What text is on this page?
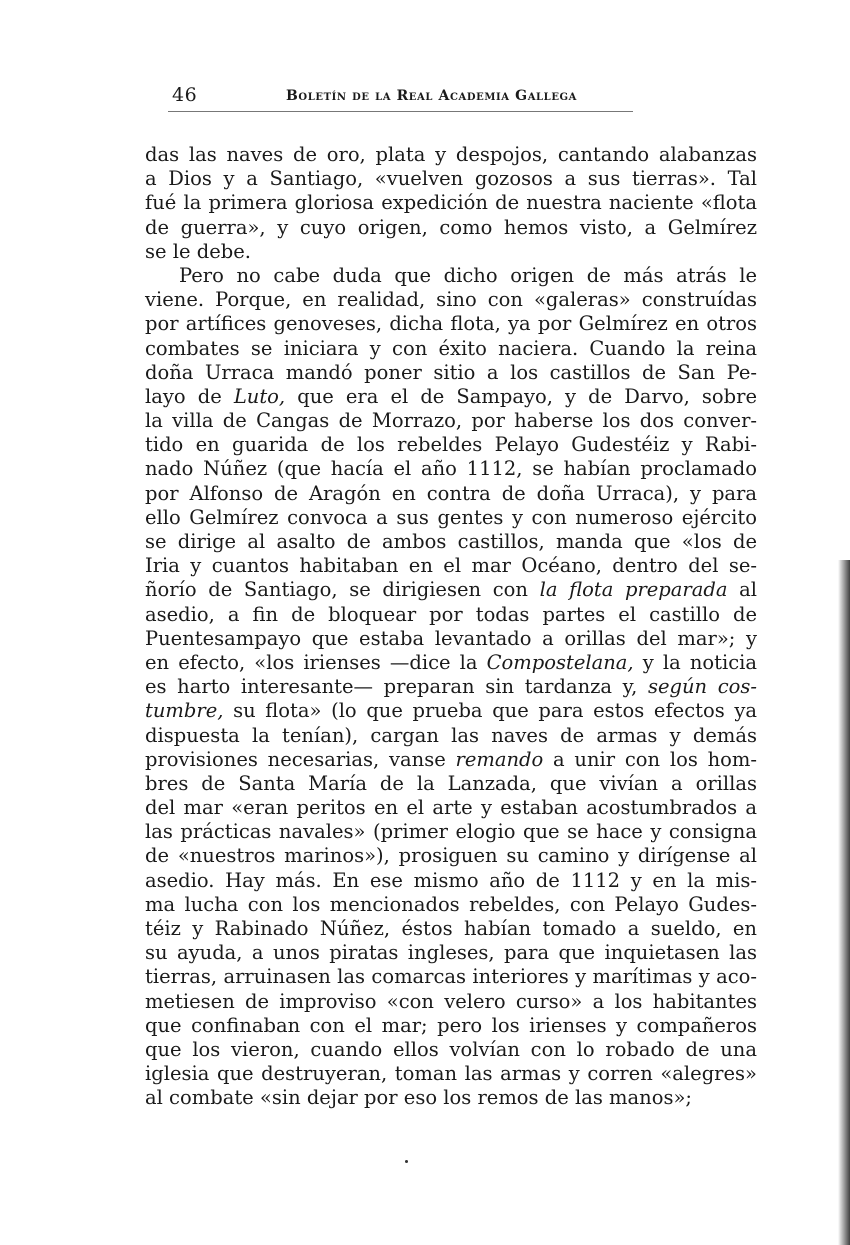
46	Boletín de la Real Academia Gallega
das las naves de oro, plata y despojos, cantando alabanzas
a Dios y a Santiago, «vuelven gozosos a sus tierras». Tal
fué la primera gloriosa expedición de nuestra naciente «flota
de guerra», y cuyo origen, como hemos visto, a Gelmírez
se le debe.
Pero no cabe duda que dicho origen de más atrás le
viene. Porque, en realidad, sino con «galeras» construídas
por artífices genoveses, dicha flota, ya por Gelmírez en otros
combates se iniciara y con éxito naciera. Cuando la reina
doña Urraca mandó poner sitio a los castillos de San Pe-
layo de Luto, que era el de Sampayo, y de Darvo, sobre
la villa de Cangas de Morrazo, por haberse los dos conver-
tido en guarida de los rebeldes Pelayo Gudestéiz y Rabi-
nado Núñez (que hacía el año 1112, se habían proclamado
por Alfonso de Aragón en contra de doña Urraca), y para
ello Gelmírez convoca a sus gentes y con numeroso ejército
se dirige al asalto de ambos castillos, manda que «los de
Iria y cuantos habitaban en el mar Océano, dentro del se-
ñorío de Santiago, se dirigiesen con la flota preparada al
asedio, a fin de bloquear por todas partes el castillo de
Puentesampayo que estaba levantado a orillas del mar»; y
en efecto, «los irienses —dice la Compostelana, y la noticia
es harto interesante— preparan sin tardanza y, según cos-
tumbre, su flota» (lo que prueba que para estos efectos ya
dispuesta la tenían), cargan las naves de armas y demás
provisiones necesarias, vanse remando a unir con los hom-
bres de Santa María de la Lanzada, que vivían a orillas
del mar «eran peritos en el arte y estaban acostumbrados a
las prácticas navales» (primer elogio que se hace y consigna
de «nuestros marinos»), prosiguen su camino y dirígense al
asedio. Hay más. En ese mismo año de 1112 y en la mis-
ma lucha con los mencionados rebeldes, con Pelayo Gudes-
téiz y Rabinado Núñez, éstos habían tomado a sueldo, en
su ayuda, a unos piratas ingleses, para que inquietasen las
tierras, arruinasen las comarcas interiores y marítimas y aco-
metiesen de improviso «con velero curso» a los habitantes
que confinaban con el mar; pero los irienses y compañeros
que los vieron, cuando ellos volvían con lo robado de una
iglesia que destruyeran, toman las armas y corren «alegres»
al combate «sin dejar por eso los remos de las manos»;
